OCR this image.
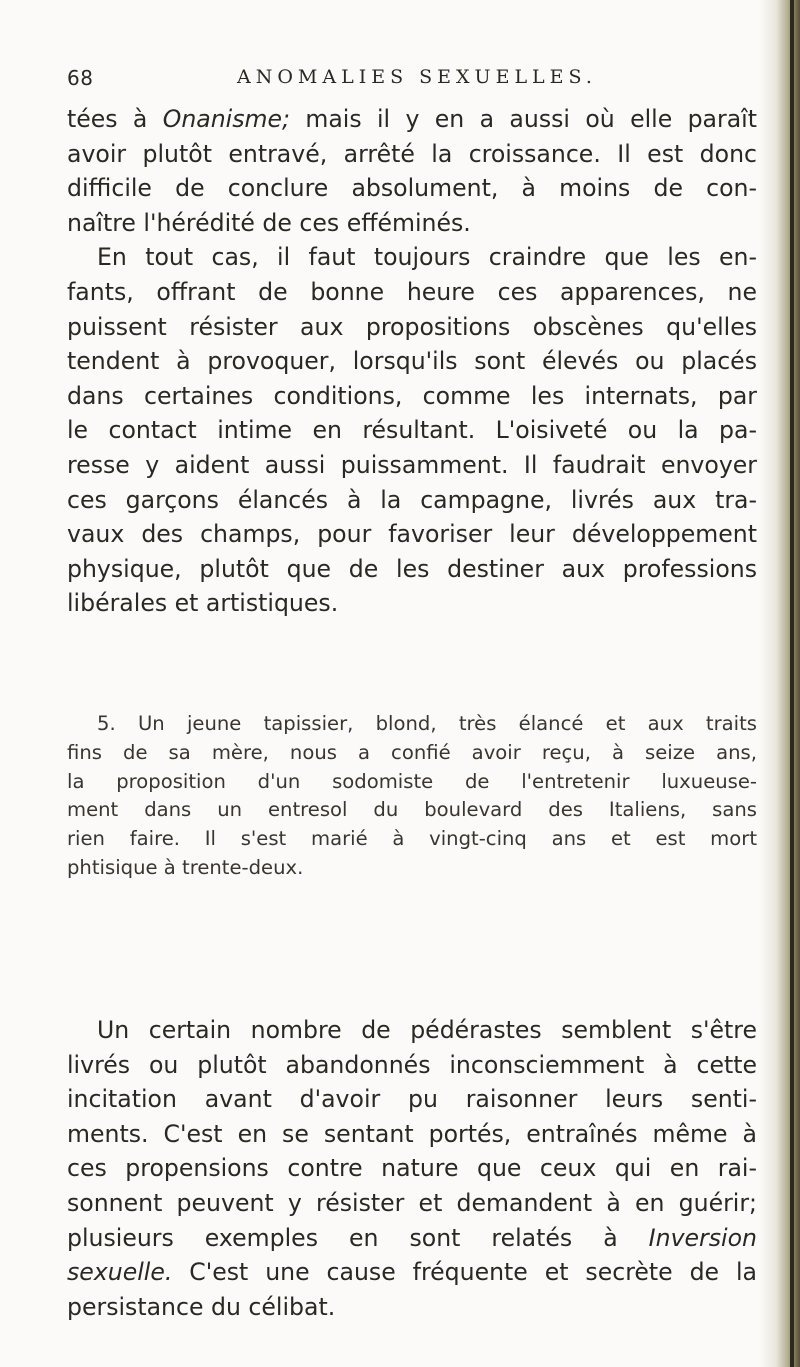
68	ANOMALIES SEXUELLES.
tées à Onanisme; mais il y en a aussi où elle paraît
avoir plutôt entravé, arrêté la croissance. Il est donc
difficile de conclure absolument, à moins de con-
naître l'hérédité de ces efféminés.
En tout cas, il faut toujours craindre que les en-
fants, offrant de bonne heure ces apparences, ne
puissent résister aux propositions obscènes qu'elles
tendent à provoquer, lorsqu'ils sont élevés ou placés
dans certaines conditions, comme les internats, par
le contact intime en résultant. L'oisiveté ou la pa-
resse y aident aussi puissamment. Il faudrait envoyer
ces garçons élancés à la campagne, livrés aux tra-
vaux des champs, pour favoriser leur développement
physique, plutôt que de les destiner aux professions
libérales et artistiques.
5. Un jeune tapissier, blond, très élancé et aux traits
fins de sa mère, nous a confié avoir reçu, à seize ans,
la proposition d'un sodomiste de l'entretenir luxueuse-
ment dans un entresol du boulevard des Italiens, sans
rien faire. Il s'est marié à vingt-cinq ans et est mort
phtisique à trente-deux.
Un certain nombre de pédérastes semblent s'être
livrés ou plutôt abandonnés inconsciemment à cette
incitation avant d'avoir pu raisonner leurs senti-
ments. C'est en se sentant portés, entraînés même à
ces propensions contre nature que ceux qui en rai-
sonnent peuvent y résister et demandent à en guérir;
plusieurs exemples en sont relatés à Inversion
sexuelle. C'est une cause fréquente et secrète de la
persistance du célibat.
